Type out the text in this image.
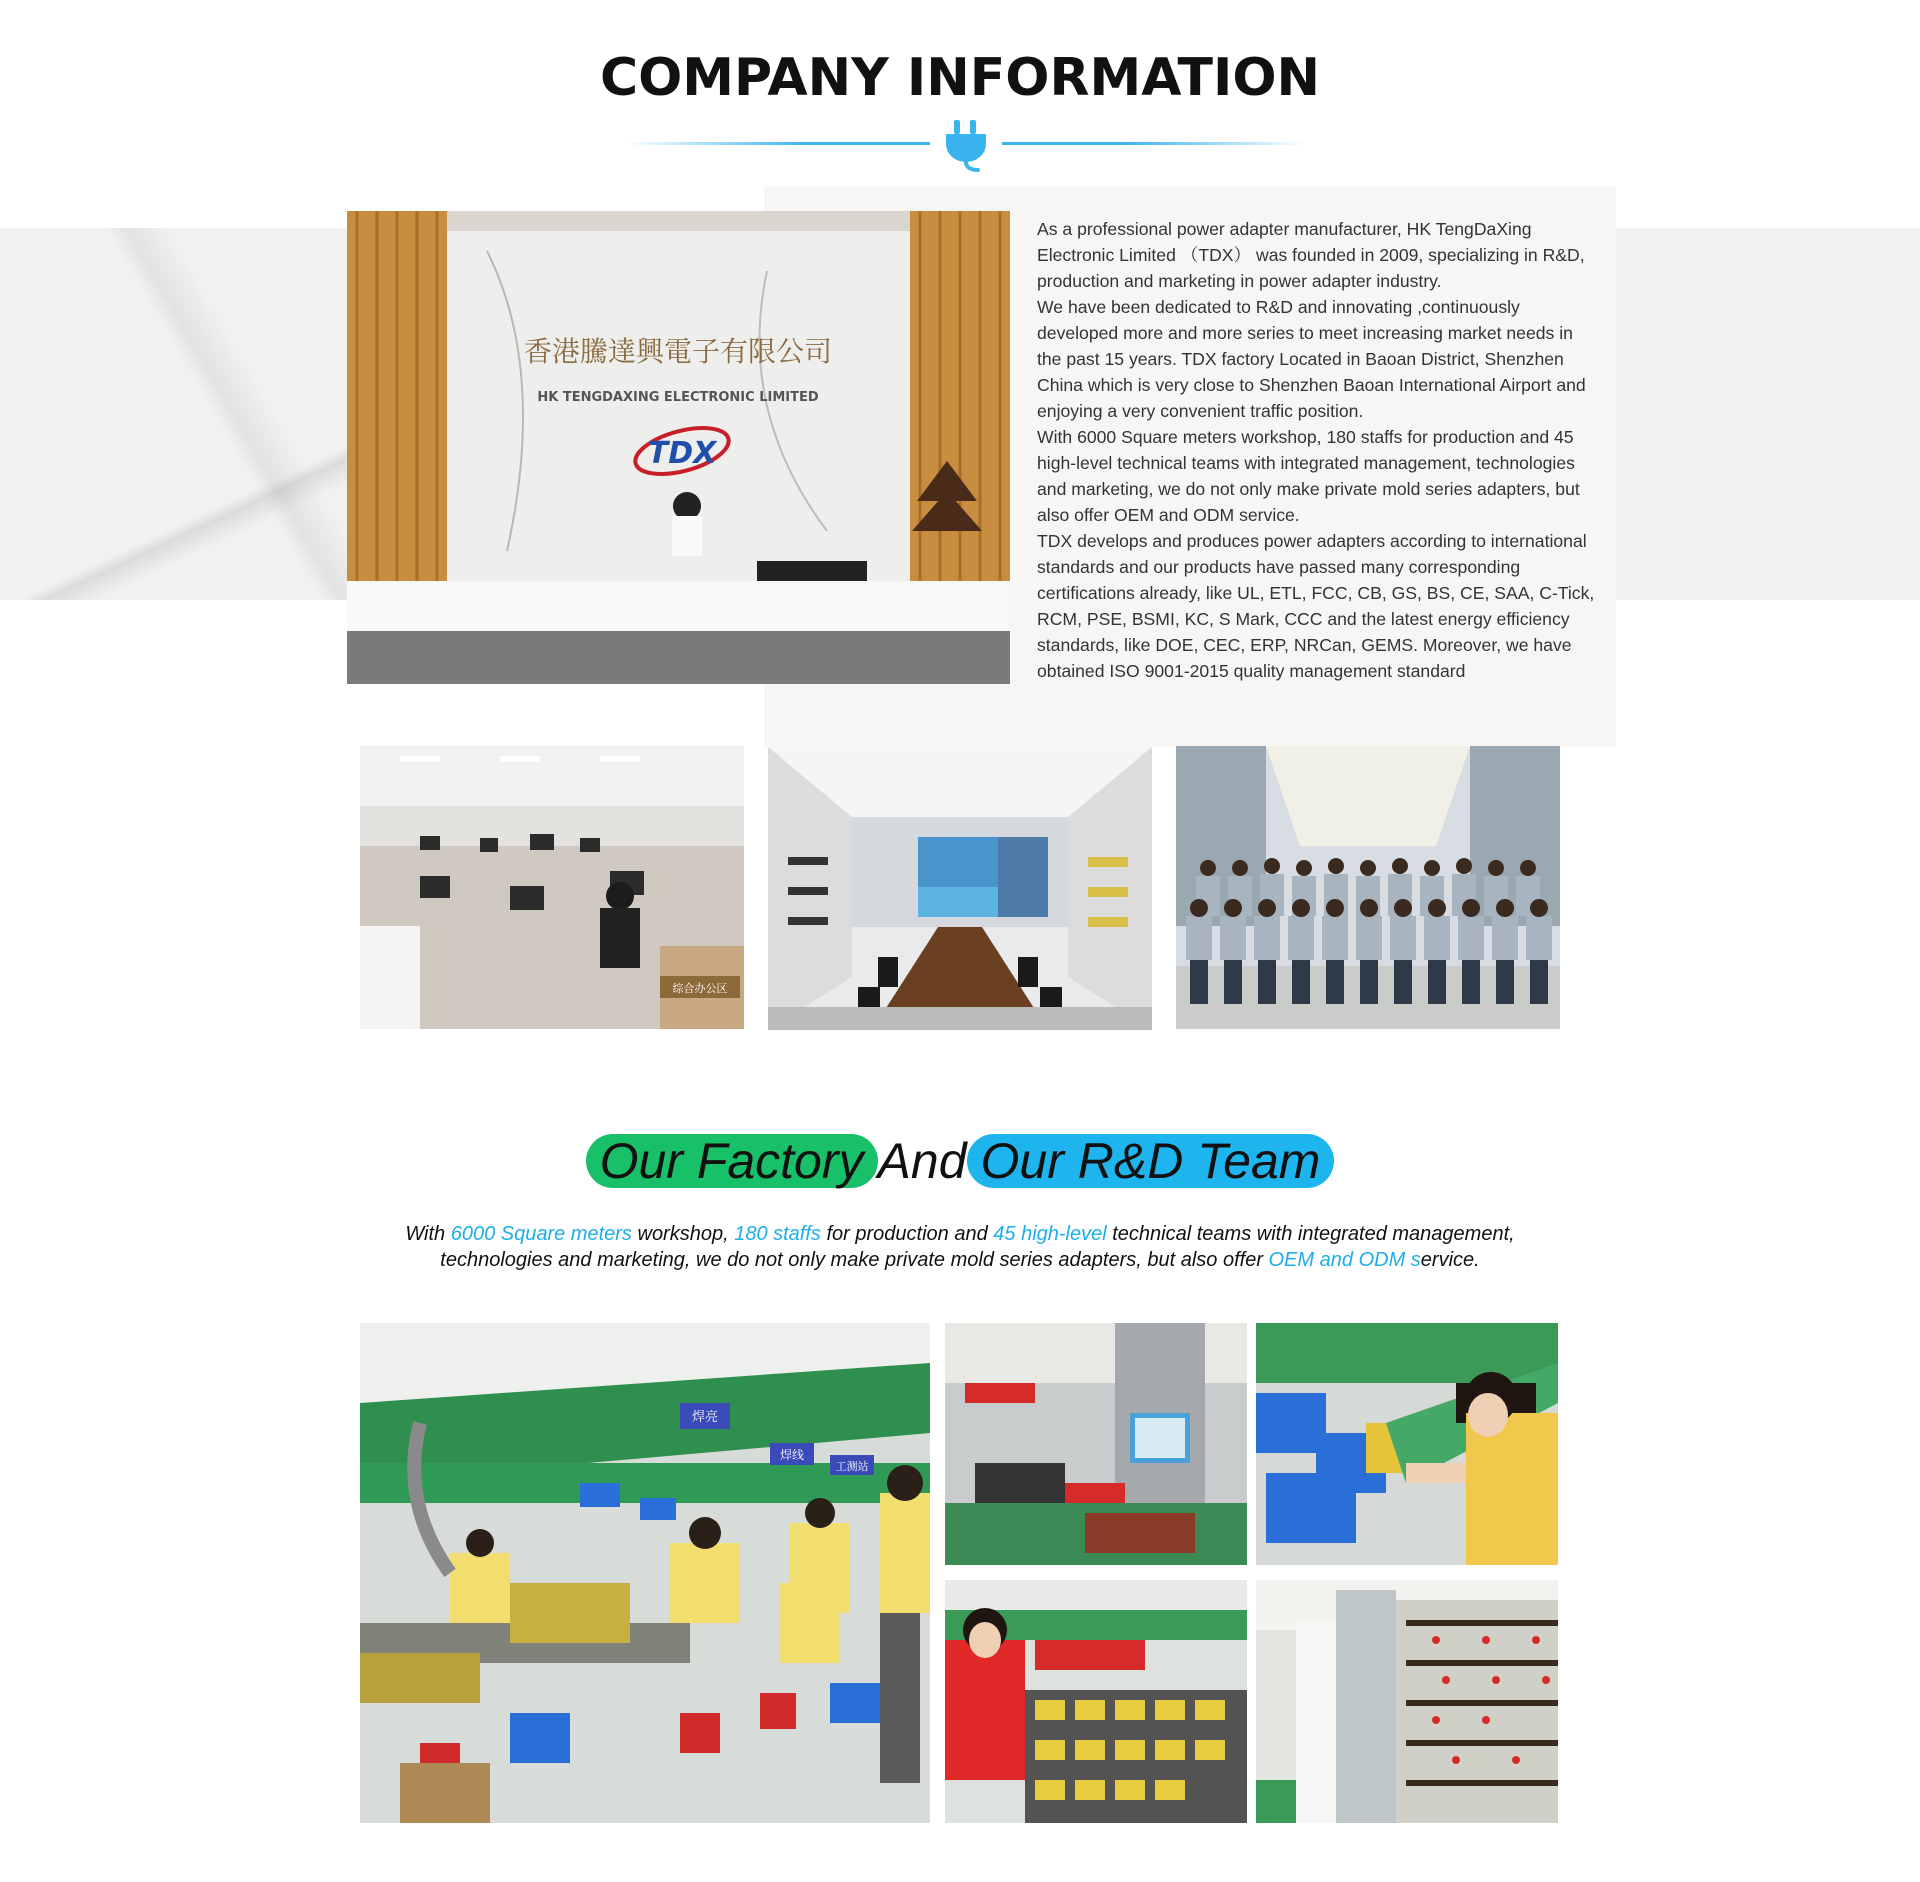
COMPANY INFORMATION
香港騰達興電子有限公司
HK TENGDAXING ELECTRONIC LIMITED
TDX
As a professional power adapter manufacturer, HK TengDaXing Electronic Limited （TDX） was founded in 2009, specializing in R&D, production and marketing in power adapter industry.
We have been dedicated to R&D and innovating ,continuously developed more and more series to meet increasing market needs in the past 15 years. TDX factory Located in Baoan District, Shenzhen China which is very close to Shenzhen Baoan International Airport and enjoying a very convenient traffic position.
With 6000 Square meters workshop, 180 staffs for production and 45 high-level technical teams with integrated management, technologies and marketing, we do not only make private mold series adapters, but also offer OEM and ODM service.
TDX develops and produces power adapters according to international standards and our products have passed many corresponding certifications already, like UL, ETL, FCC, CB, GS, BS, CE, SAA, C-Tick, RCM, PSE, BSMI, KC, S Mark, CCC and the latest energy efficiency standards, like DOE, CEC, ERP, NRCan, GEMS. Moreover, we have obtained ISO 9001-2015 quality management standard
综合办公区
Our Factory And Our R&D Team
With 6000 Square meters workshop, 180 staffs for production and 45 high-level technical teams with integrated management,
technologies and marketing, we do not only make private mold series adapters, but also offer OEM and ODM service.
焊亮
焊线
工测站
